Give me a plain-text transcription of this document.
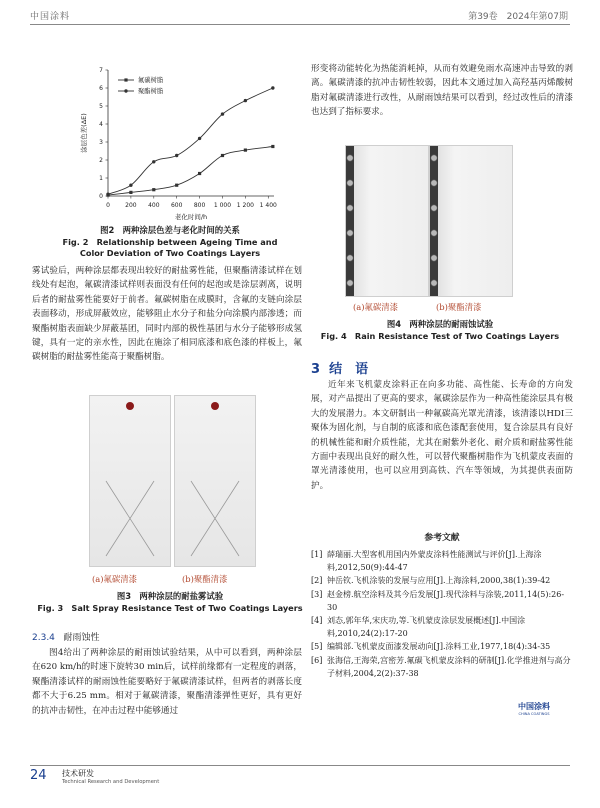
中国涂料	第39卷　2024年第07期
0	200 400 600 800 1 000 1 200 1 400
0
1
2
3
4
5
6
7
老化时间/h
涂层色差(ΔE)
氟碳树脂
聚酯树脂
图2　两种涂层色差与老化时间的关系
Fig. 2　Relationship between Ageing Time and Color Deviation of Two Coatings Layers
雾试验后，两种涂层都表现出较好的耐盐雾性能，但聚酯清漆试样在划线处有起泡，氟碳清漆试样则表面没有任何的起泡或是涂层剥离，说明后者的耐盐雾性能要好于前者。氟碳树脂在成膜时，含氟的支链向涂层表面移动，形成屏蔽效应，能够阻止水分子和盐分向涂膜内部渗透；而聚酯树脂表面缺少屏蔽基团，同时内部的极性基团与水分子能够形成氢键，具有一定的亲水性，因此在施涂了相同底漆和底色漆的样板上，氟碳树脂的耐盐雾性能高于聚酯树脂。
(a)氟碳清漆	(b)聚酯清漆
图3　两种涂层的耐盐雾试验
Fig. 3　Salt Spray Resistance Test of Two Coatings Layers
2.3.4 耐雨蚀性
图4给出了两种涂层的耐雨蚀试验结果，从中可以看到，两种涂层在620 km/h的时速下旋转30 min后，试样前缘都有一定程度的剥落，聚酯清漆试样的耐雨蚀性能要略好于氟碳清漆试样，但两者的剥落长度都不大于6.25 mm。相对于氟碳清漆，聚酯清漆弹性更好，具有更好的抗冲击韧性，在冲击过程中能够通过
形变将动能转化为热能消耗掉，从而有效避免雨水高速冲击导致的剥离。氟碳清漆的抗冲击韧性较弱，因此本文通过加入高羟基丙烯酸树脂对氟碳清漆进行改性，从耐雨蚀结果可以看到，经过改性后的清漆也达到了指标要求。
(a)氟碳清漆	(b)聚酯清漆
图4　两种涂层的耐雨蚀试验
Fig. 4　Rain Resistance Test of Two Coatings Layers
3 结　语
近年来飞机蒙皮涂料正在向多功能、高性能、长寿命的方向发展，对产品提出了更高的要求，氟碳涂层作为一种高性能涂层具有极大的发展潜力。本文研制出一种氟碳高光罩光清漆，该清漆以HDI三聚体为固化剂，与自制的底漆和底色漆配套使用，复合涂层具有良好的机械性能和耐介质性能，尤其在耐紫外老化、耐介质和耐盐雾性能方面中表现出良好的耐久性，可以替代聚酯树脂作为飞机蒙皮表面的罩光清漆使用，也可以应用到高铁、汽车等领域，为其提供表面防护。
参考文献
[1] 薛瑞丽.大型客机用国内外蒙皮涂料性能测试与评价[J].上海涂料,2012,50(9):44-47
[2] 钟岳钦.飞机涂装的发展与应用[J].上海涂料,2000,38(1):39-42
[3] 赵金榜.航空涂料及其今后发展[J].现代涂料与涂装,2011,14(5):26-30
[4] 刘态,郭年华,宋庆功,等.飞机蒙皮涂层发展概述[J].中国涂料,2010,24(2):17-20
[5] 编辑部.飞机蒙皮面漆发展动向[J].涂料工业,1977,18(4):34-35
[6] 张海信,王海荣,宫密芳.氟碳飞机蒙皮涂料的研制[J].化学推进剂与高分子材料,2004,2(2):37-38
中国涂料
CHINA COATINGS
24 技术研发
Technical Research and Development
